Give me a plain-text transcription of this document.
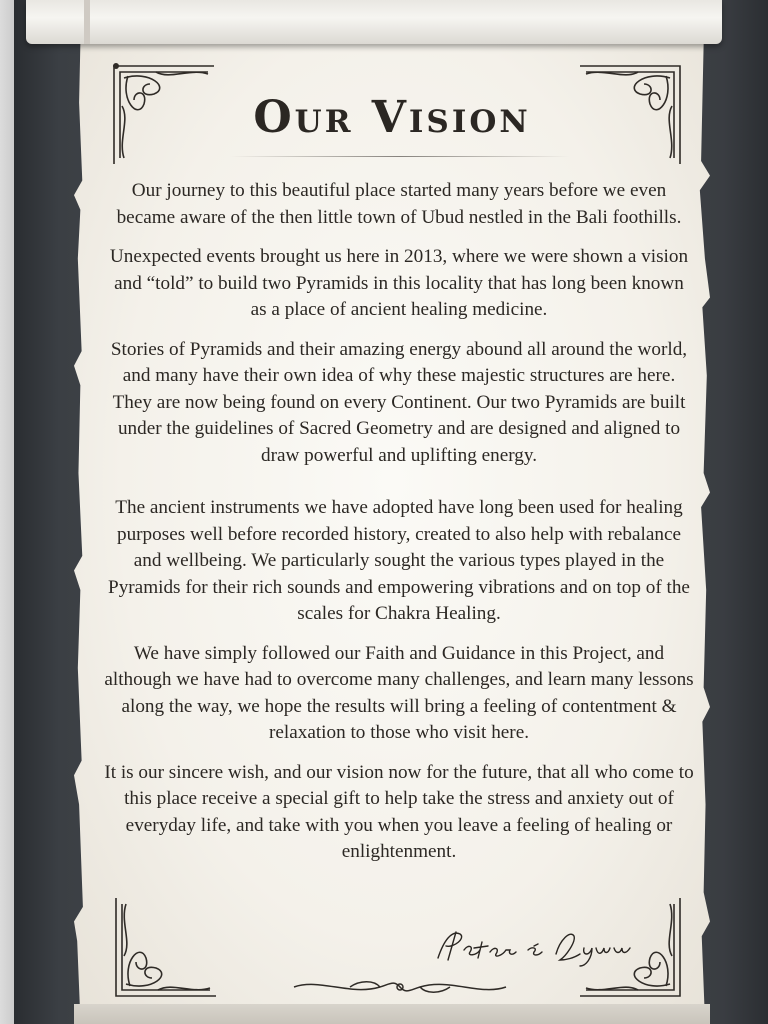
Our Vision

Our journey to this beautiful place started many years before we even became aware of the then little town of Ubud nestled in the Bali foothills.

Unexpected events brought us here in 2013, where we were shown a vision and “told” to build two Pyramids in this locality that has long been known as a place of ancient healing medicine.

Stories of Pyramids and their amazing energy abound all around the world, and many have their own idea of why these majestic structures are here. They are now being found on every Continent. Our two Pyramids are built under the guidelines of Sacred Geometry and are designed and aligned to draw powerful and uplifting energy.

The ancient instruments we have adopted have long been used for healing purposes well before recorded history, created to also help with rebalance and wellbeing. We particularly sought the various types played in the Pyramids for their rich sounds and empowering vibrations and on top of the scales for Chakra Healing.

We have simply followed our Faith and Guidance in this Project, and although we have had to overcome many challenges, and learn many lessons along the way, we hope the results will bring a feeling of contentment & relaxation to those who visit here.

It is our sincere wish, and our vision now for the future, that all who come to this place receive a special gift to help take the stress and anxiety out of everyday life, and take with you when you leave a feeling of healing or enlightenment.
